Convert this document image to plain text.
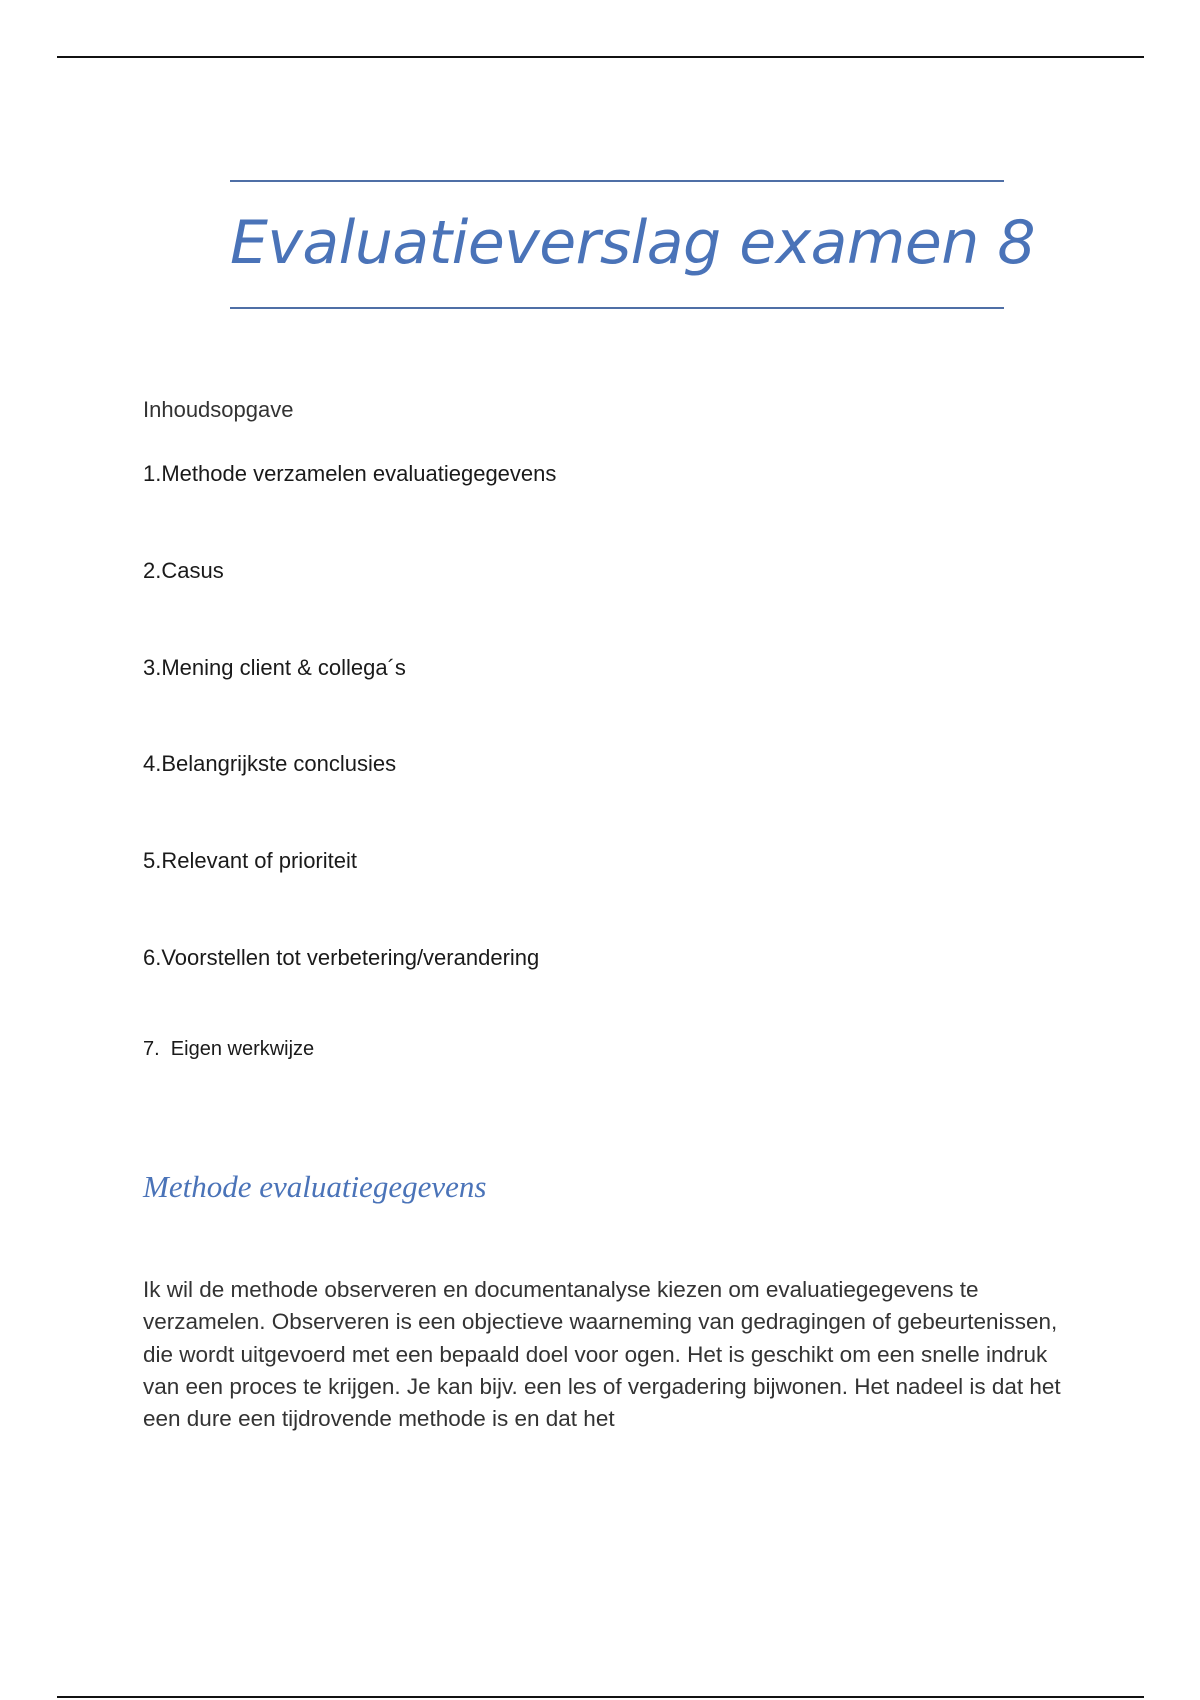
Evaluatieverslag examen 8

Inhoudsopgave

1.Methode verzamelen evaluatiegegevens
2.Casus
3.Mening client & collega´s
4.Belangrijkste conclusies
5.Relevant of prioriteit
6.Voorstellen tot verbetering/verandering
7.  Eigen werkwijze
Methode evaluatiegegevens

Ik wil de methode observeren en documentanalyse kiezen om evaluatiegegevens te verzamelen. Observeren is een objectieve waarneming van gedragingen of gebeurtenissen, die wordt uitgevoerd met een bepaald doel voor ogen. Het is geschikt om een snelle indruk van een proces te krijgen. Je kan bijv. een les of vergadering bijwonen. Het nadeel is dat het een dure een tijdrovende methode is en dat het
